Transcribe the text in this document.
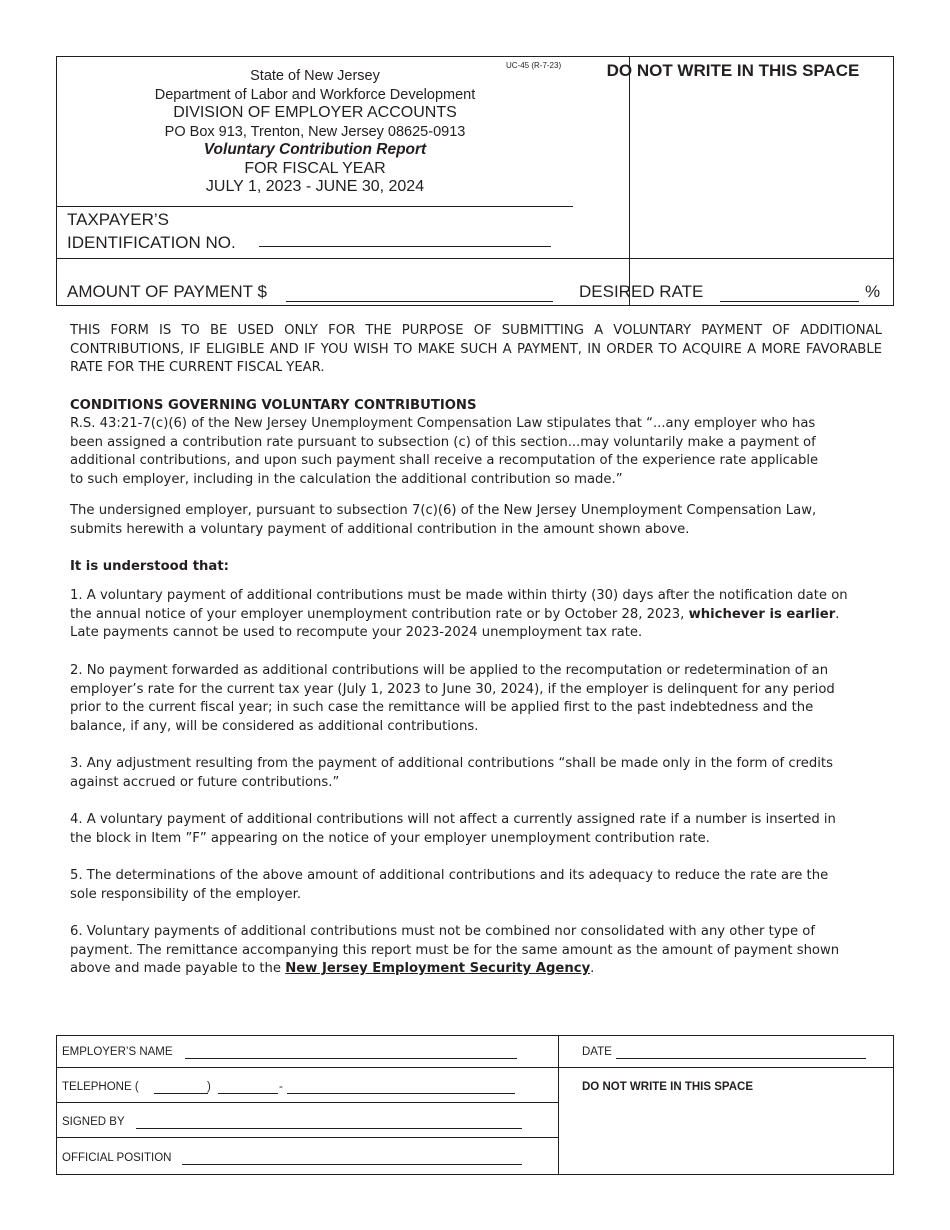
UC-45 (R-7-23)
State of New Jersey
Department of Labor and Workforce Development
DIVISION OF EMPLOYER ACCOUNTS
PO Box 913, Trenton, New Jersey 08625-0913
Voluntary Contribution Report
FOR FISCAL YEAR
JULY 1, 2023 - JUNE 30, 2024
DO NOT WRITE IN THIS SPACE
TAXPAYER’S
IDENTIFICATION NO.
AMOUNT OF PAYMENT $	DESIRED RATE	%
THIS FORM IS TO BE USED ONLY FOR THE PURPOSE OF SUBMITTING A VOLUNTARY PAYMENT OF ADDITIONAL CONTRIBUTIONS, IF ELIGIBLE AND IF YOU WISH TO MAKE SUCH A PAYMENT, IN ORDER TO ACQUIRE A MORE FAVORABLE RATE FOR THE CURRENT FISCAL YEAR.
CONDITIONS GOVERNING VOLUNTARY CONTRIBUTIONS

R.S. 43:21-7(c)(6) of the New Jersey Unemployment Compensation Law stipulates that “...any employer who has

been assigned a contribution rate pursuant to subsection (c) of this section...may voluntarily make a payment of

additional contributions, and upon such payment shall receive a recomputation of the experience rate applicable

to such employer, including in the calculation the additional contribution so made.”

The undersigned employer, pursuant to subsection 7(c)(6) of the New Jersey Unemployment Compensation Law,

submits herewith a voluntary payment of additional contribution in the amount shown above.

It is understood that:

1. A voluntary payment of additional contributions must be made within thirty (30) days after the notification date on

the annual notice of your employer unemployment contribution rate or by October 28, 2023, whichever is earlier.

Late payments cannot be used to recompute your 2023-2024 unemployment tax rate.

2. No payment forwarded as additional contributions will be applied to the recomputation or redetermination of an

employer’s rate for the current tax year (July 1, 2023 to June 30, 2024), if the employer is delinquent for any period

prior to the current fiscal year; in such case the remittance will be applied first to the past indebtedness and the

balance, if any, will be considered as additional contributions.

3. Any adjustment resulting from the payment of additional contributions “shall be made only in the form of credits

against accrued or future contributions.”

4. A voluntary payment of additional contributions will not affect a currently assigned rate if a number is inserted in

the block in Item ”F” appearing on the notice of your employer unemployment contribution rate.

5. The determinations of the above amount of additional contributions and its adequacy to reduce the rate are the

sole responsibility of the employer.

6. Voluntary payments of additional contributions must not be combined nor consolidated with any other type of

payment. The remittance accompanying this report must be for the same amount as the amount of payment shown

above and made payable to the New Jersey Employment Security Agency.

EMPLOYER’S NAME	DATE
TELEPHONE (	)	-	DO NOT WRITE IN THIS SPACE
SIGNED BY
OFFICIAL POSITION
